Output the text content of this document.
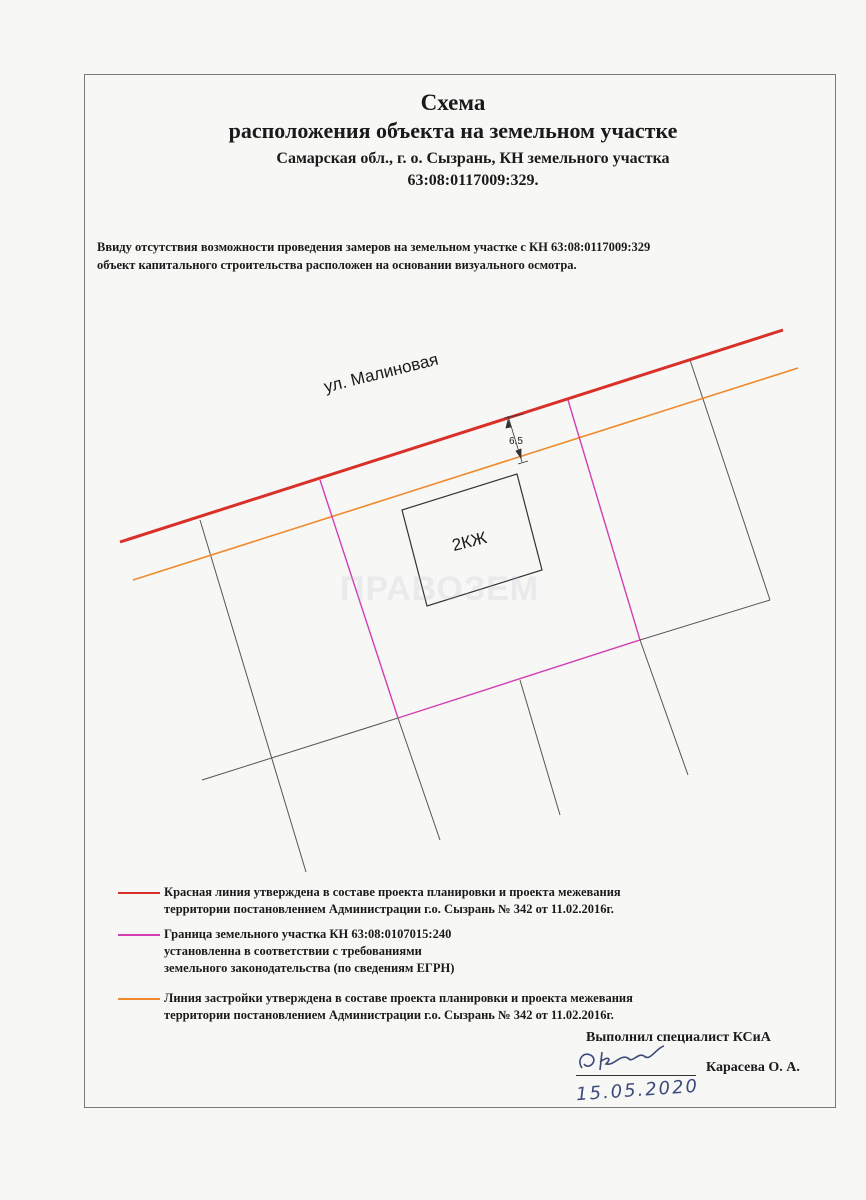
Схема
расположения объекта на земельном участке
Самарская обл., г. о. Сызрань, КН земельного участка
63:08:0117009:329.
Ввиду отсутствия возможности проведения замеров на земельном участке с КН 63:08:0117009:329
объект капитального строительства расположен на основании визуального осмотра.
ПРАВОЗЕМ
ул. Малиновая
2КЖ
6.5
Красная линия утверждена в составе проекта планировки и проекта межевания
территории постановлением Администрации г.о. Сызрань № 342 от 11.02.2016г.
Граница земельного участка КН 63:08:0107015:240
установленна в соответствии с требованиями
земельного законодательства (по сведениям ЕГРН)
Линия застройки утверждена в составе проекта планировки и проекта межевания
территории постановлением Администрации г.о. Сызрань № 342 от 11.02.2016г.
Выполнил специалист КСиА
Карасева О. А.
15.05.2020
